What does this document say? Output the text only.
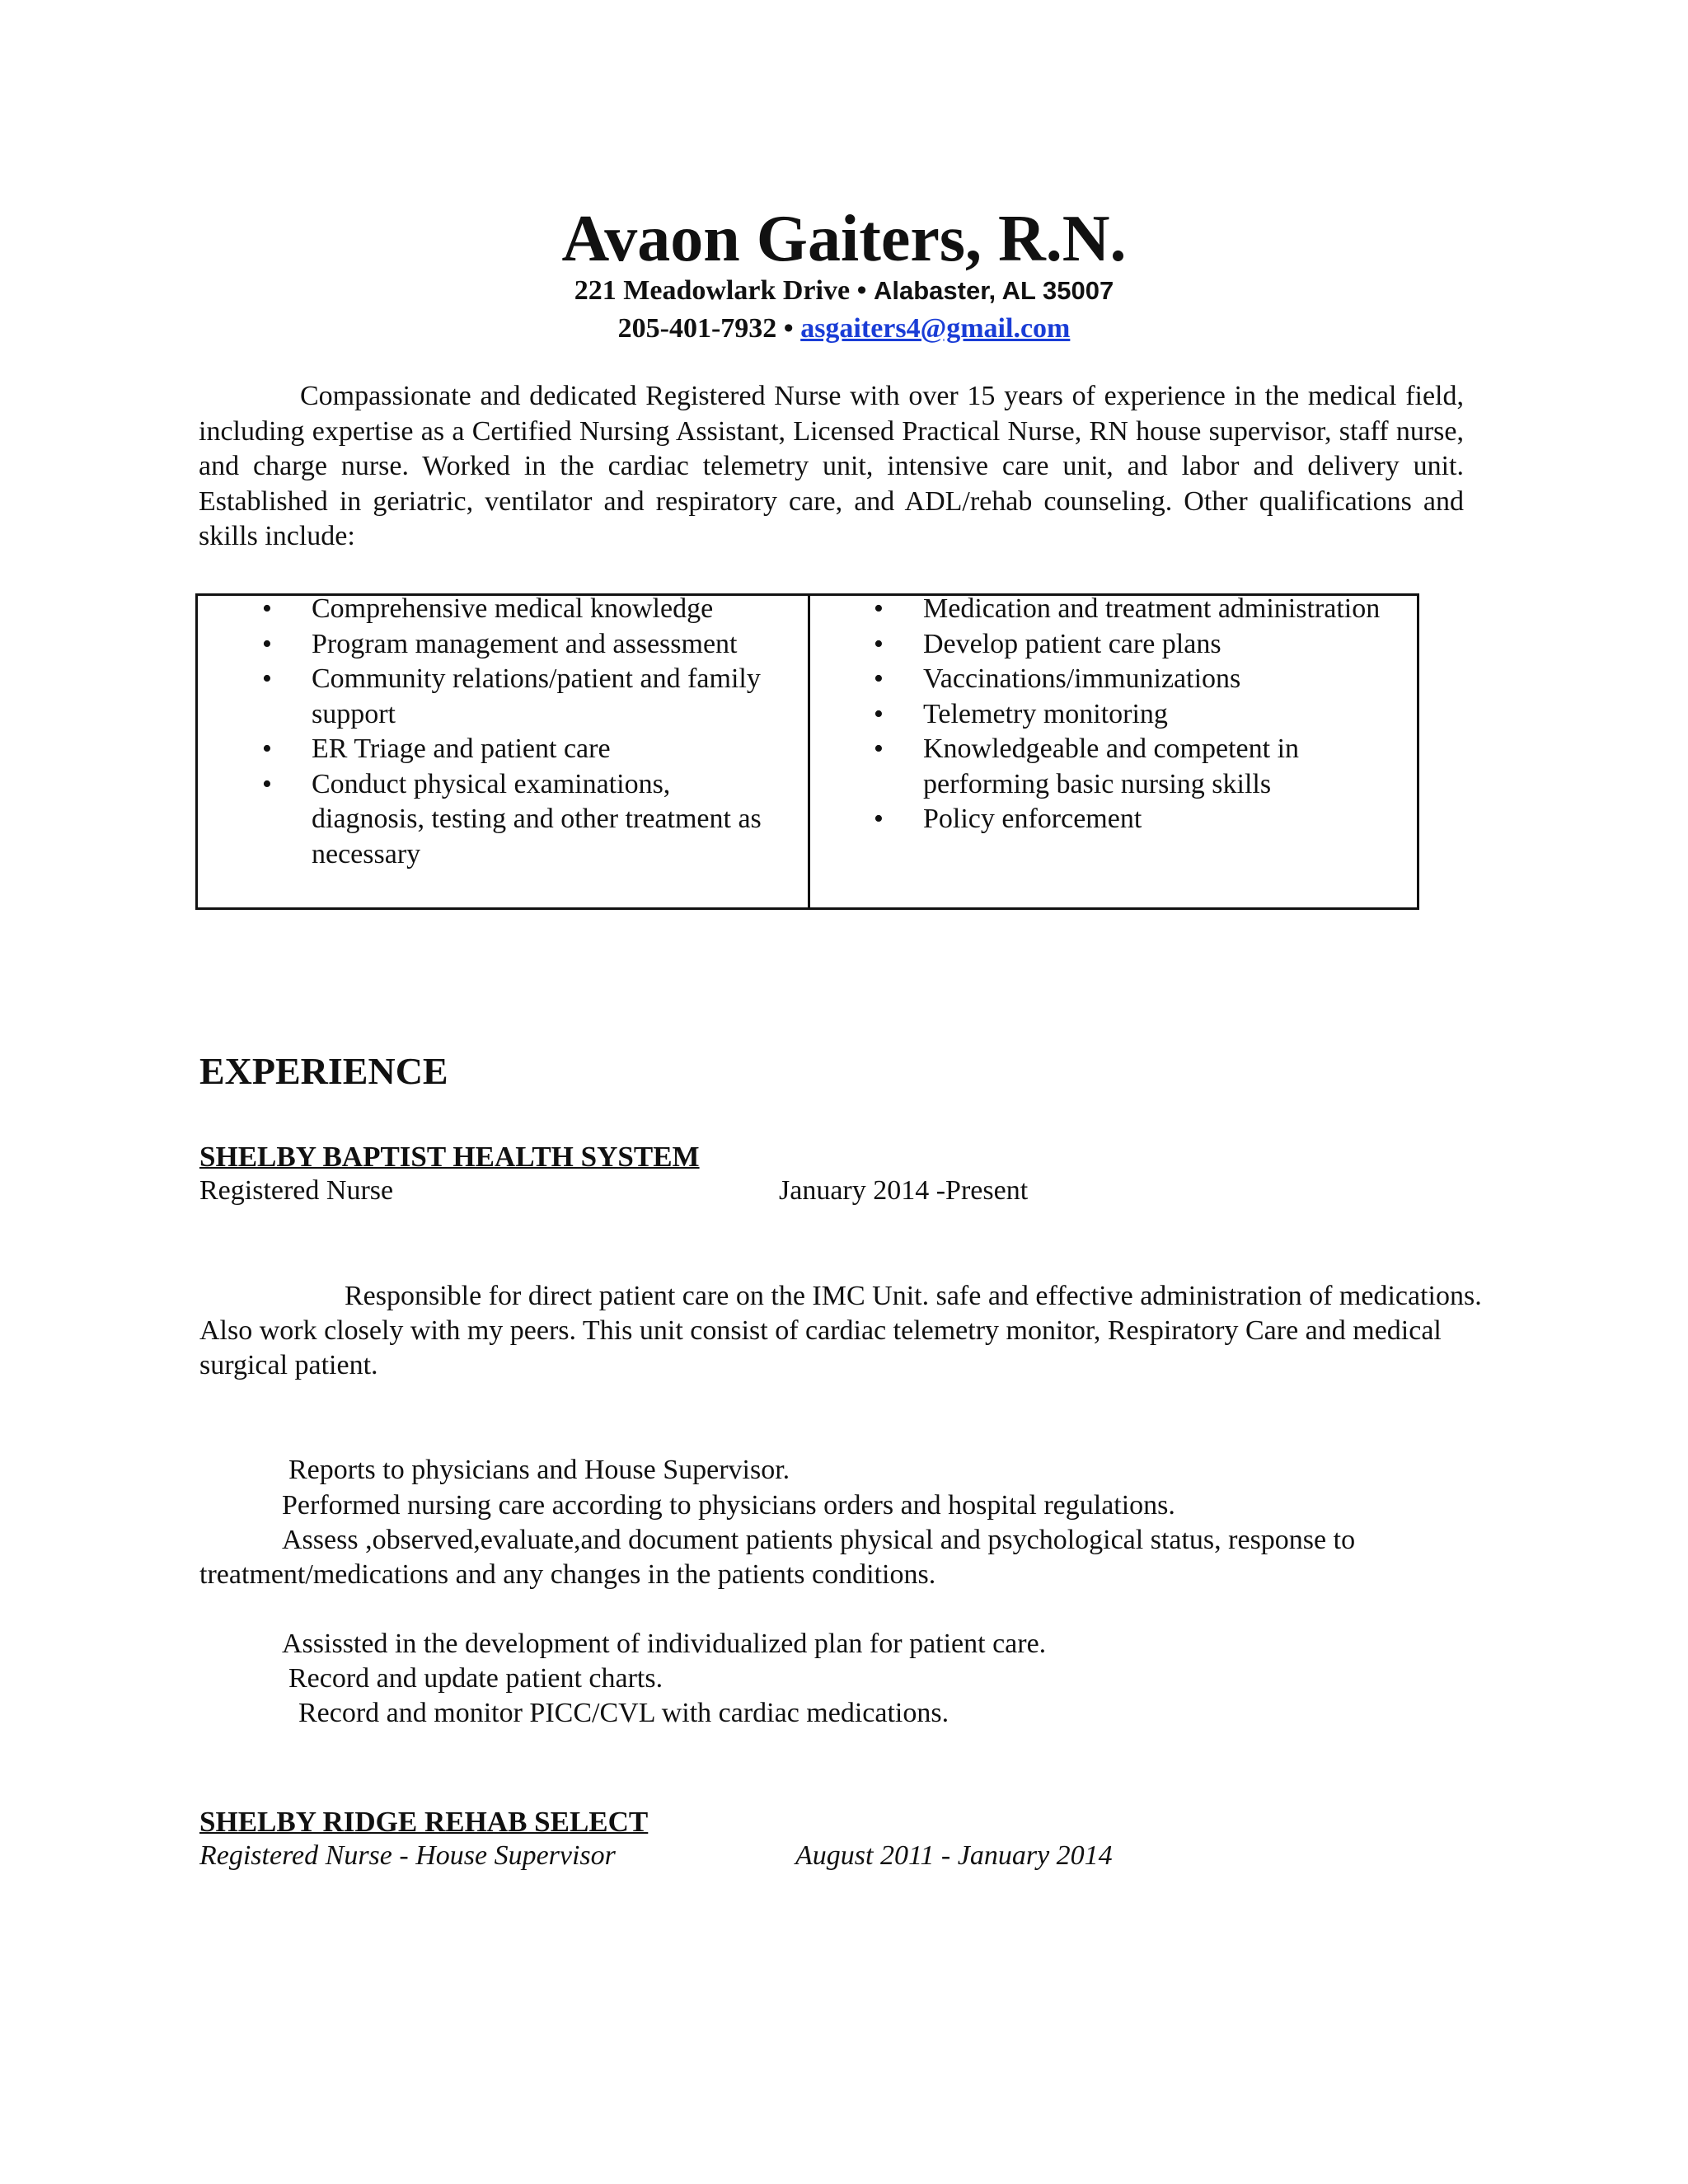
Avaon Gaiters, R.N.
221 Meadowlark Drive • Alabaster, AL 35007
205-401-7932 • asgaiters4@gmail.com

Compassionate and dedicated Registered Nurse with over 15 years of experience in the medical field, including expertise as a Certified Nursing Assistant, Licensed Practical Nurse, RN house supervisor, staff nurse, and charge nurse. Worked in the cardiac telemetry unit, intensive care unit, and labor and delivery unit. Established in geriatric, ventilator and respiratory care, and ADL/rehab counseling. Other qualifications and skills include:

• Comprehensive medical knowledge
• Program management and assessment
• Community relations/patient and family support
• ER Triage and patient care
• Conduct physical examinations, diagnosis, testing and other treatment as necessary
• Medication and treatment administration
• Develop patient care plans
• Vaccinations/immunizations
• Telemetry monitoring
• Knowledgeable and competent in performing basic nursing skills
• Policy enforcement
EXPERIENCE
SHELBY BAPTIST HEALTH SYSTEM
Registered Nurse	January 2014 -Present

Responsible for direct patient care on the IMC Unit. safe and effective administration of medications. Also work closely with my peers. This unit consist of cardiac telemetry monitor, Respiratory Care and medical surgical patient.

Reports to physicians and House Supervisor.
Performed nursing care according to physicians orders and hospital regulations.
Assess ,observed,evaluate,and document patients physical and psychological status, response to
treatment/medications and any changes in the patients conditions.
Assissted in the development of individualized plan for patient care.
Record and update patient charts.
Record and monitor PICC/CVL with cardiac medications.
SHELBY RIDGE REHAB SELECT
Registered Nurse - House Supervisor	August 2011 - January 2014
